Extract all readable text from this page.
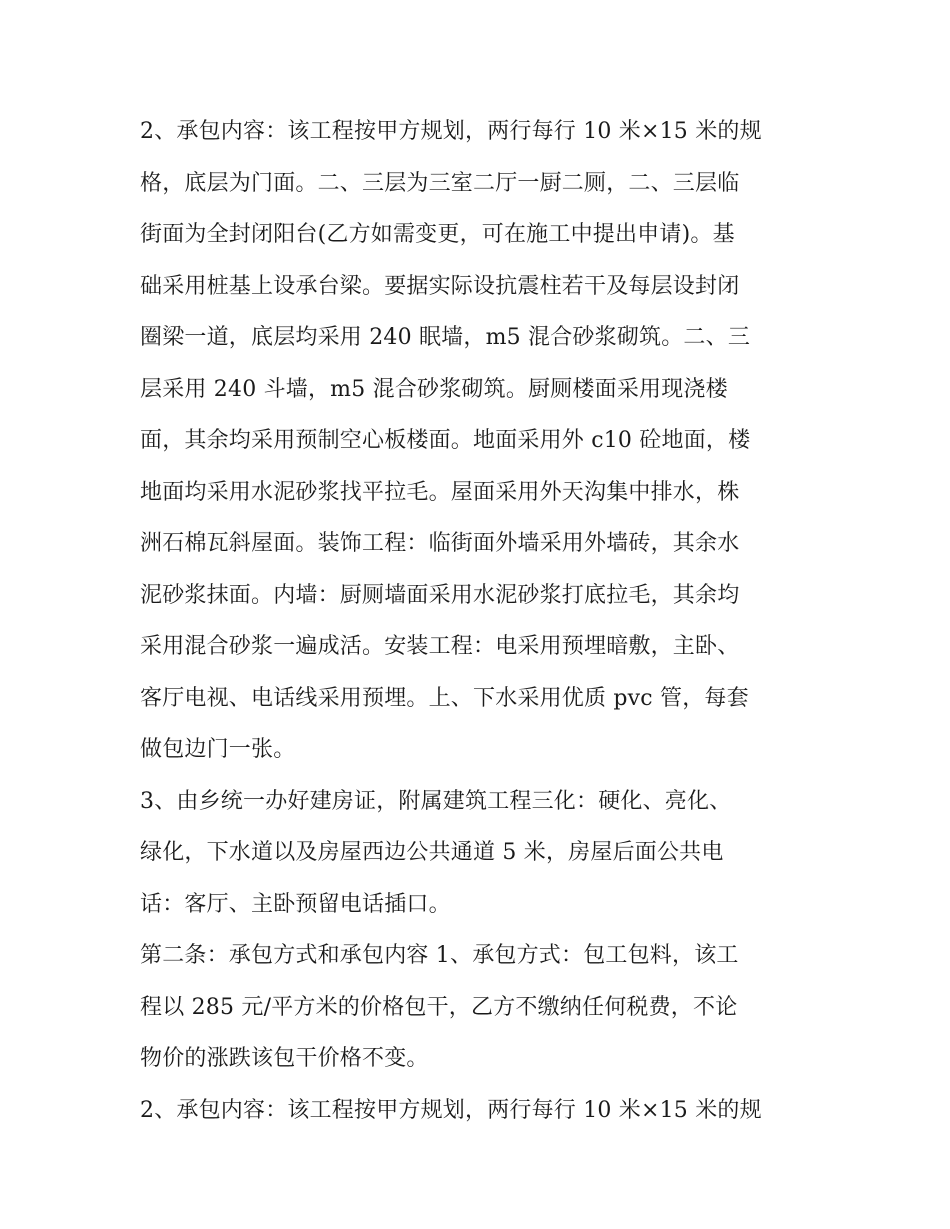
2、承包内容：该工程按甲方规划，两行每行 10 米×15 米的规
格，底层为门面。二、三层为三室二厅一厨二厕，二、三层临
街面为全封闭阳台(乙方如需变更，可在施工中提出申请)。基
础采用桩基上设承台梁。要据实际设抗震柱若干及每层设封闭
圈梁一道，底层均采用 240 眠墙，m5 混合砂浆砌筑。二、三
层采用 240 斗墙，m5 混合砂浆砌筑。厨厕楼面采用现浇楼
面，其余均采用预制空心板楼面。地面采用外 c10 砼地面，楼
地面均采用水泥砂浆找平拉毛。屋面采用外天沟集中排水，株
洲石棉瓦斜屋面。装饰工程：临街面外墙采用外墙砖，其余水
泥砂浆抹面。内墙：厨厕墙面采用水泥砂浆打底拉毛，其余均
采用混合砂浆一遍成活。安装工程：电采用预埋暗敷，主卧、
客厅电视、电话线采用预埋。上、下水采用优质 pvc 管，每套
做包边门一张。
3、由乡统一办好建房证，附属建筑工程三化：硬化、亮化、
绿化，下水道以及房屋西边公共通道 5 米，房屋后面公共电
话：客厅、主卧预留电话插口。
第二条：承包方式和承包内容 1、承包方式：包工包料，该工
程以 285 元/平方米的价格包干，乙方不缴纳任何税费，不论
物价的涨跌该包干价格不变。
2、承包内容：该工程按甲方规划，两行每行 10 米×15 米的规
